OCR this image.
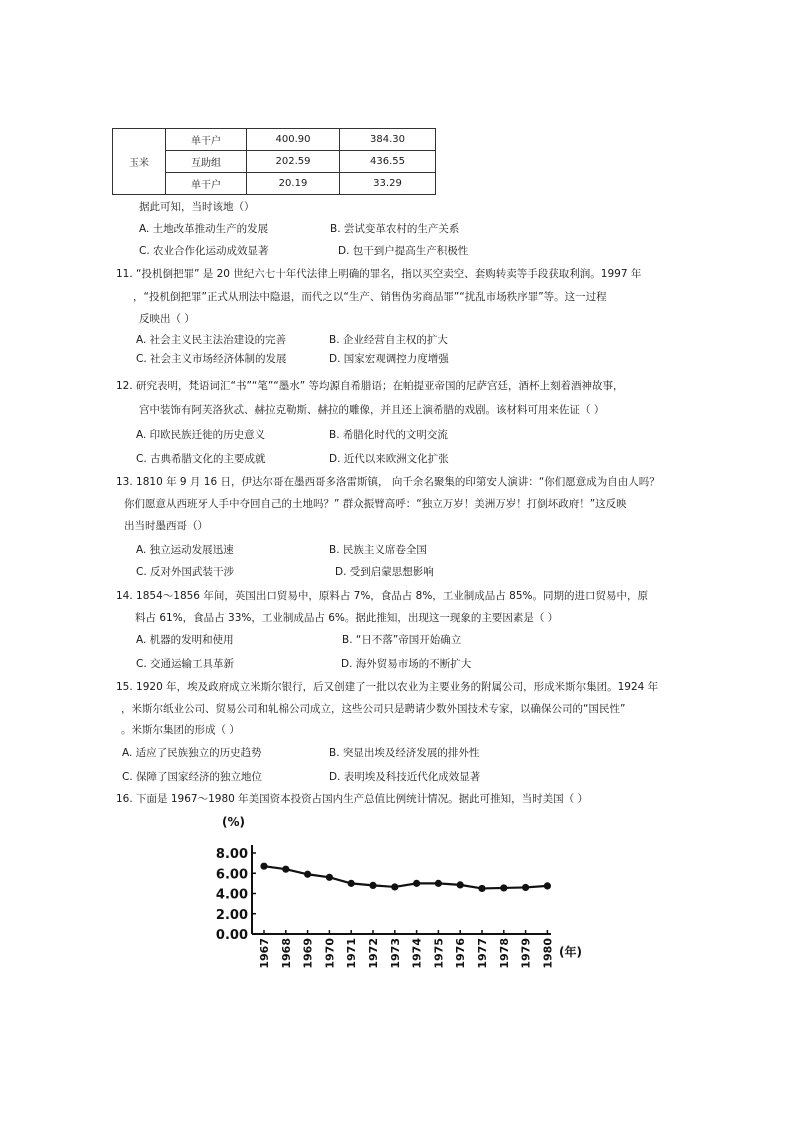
玉米	单干户	400.90	384.30
	互助组	202.59	436.55
	单干户	20.19	33.29
据此可知，当时该地（）
A. 土地改革推动生产的发展	B. 尝试变革农村的生产关系
C. 农业合作化运动成效显著	D. 包干到户提高生产积极性
11. “投机倒把罪” 是 20 世纪六七十年代法律上明确的罪名，指以买空卖空、套购转卖等手段获取利润。1997 年
，“投机倒把罪”正式从刑法中隐退，而代之以“生产、销售伪劣商品罪”“扰乱市场秩序罪”等。这一过程
反映出（ ）
A. 社会主义民主法治建设的完善	B. 企业经营自主权的扩大
C. 社会主义市场经济体制的发展	D. 国家宏观调控力度增强
12. 研究表明，梵语词汇“书”“笔”“墨水” 等均源自希腊语；在帕提亚帝国的尼萨宫廷，酒杯上刻着酒神故事，
宫中装饰有阿芙洛狄忒、赫拉克勒斯、赫拉的雕像，并且还上演希腊的戏剧。该材料可用来佐证（ ）
A. 印欧民族迁徙的历史意义	B. 希腊化时代的文明交流
C. 古典希腊文化的主要成就	D. 近代以来欧洲文化扩张
13. 1810 年 9 月 16 日，伊达尔哥在墨西哥多洛雷斯镇， 向千余名聚集的印第安人演讲：“你们愿意成为自由人吗？
你们愿意从西班牙人手中夺回自己的土地吗？” 群众振臂高呼：“独立万岁！美洲万岁！打倒坏政府！”这反映
出当时墨西哥（）
A. 独立运动发展迅速	B. 民族主义席卷全国
C. 反对外国武装干涉	D. 受到启蒙思想影响
14. 1854～1856 年间，英国出口贸易中，原料占 7%，食品占 8%，工业制成品占 85%。同期的进口贸易中，原
料占 61%，食品占 33%，工业制成品占 6%。据此推知，出现这一现象的主要因素是（ ）
A. 机器的发明和使用	B. “日不落”帝国开始确立
C. 交通运输工具革新	D. 海外贸易市场的不断扩大
15. 1920 年，埃及政府成立米斯尔银行，后又创建了一批以农业为主要业务的附属公司，形成米斯尔集团。1924 年
，米斯尔纸业公司、贸易公司和轧棉公司成立，这些公司只是聘请少数外国技术专家，以确保公司的“国民性”
。米斯尔集团的形成（ ）
A. 适应了民族独立的历史趋势	B. 突显出埃及经济发展的排外性
C. 保障了国家经济的独立地位	D. 表明埃及科技近代化成效显著
16. 下面是 1967～1980 年美国资本投资占国内生产总值比例统计情况。据此可推知，当时美国（ ）
(%)
8.00
6.00
4.00
2.00
0.00
1967 1968 1969 1970 1971 1972 1973 1974 1975 1976 1977 1978 1979 1980 (年)
